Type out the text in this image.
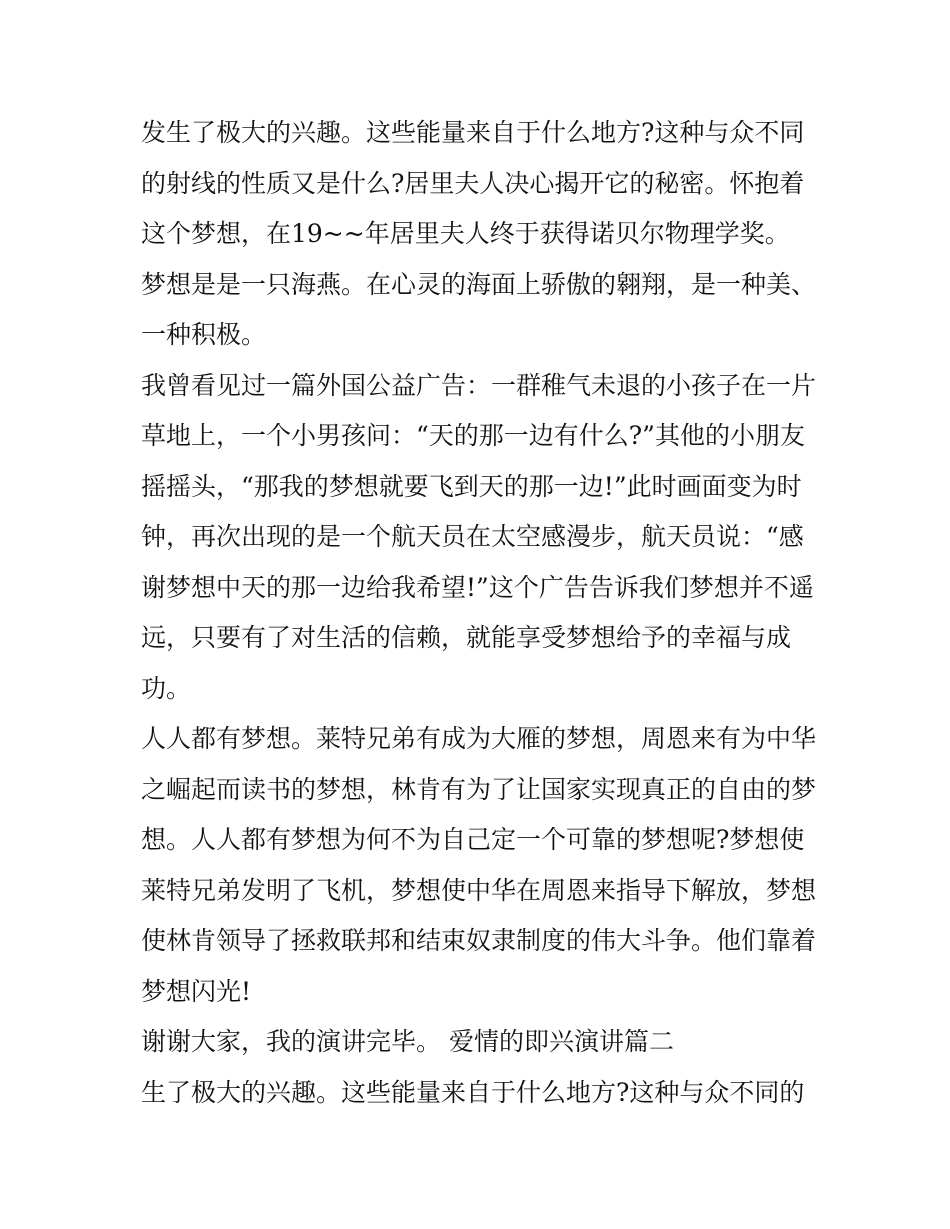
发生了极大的兴趣。这些能量来自于什么地方?这种与众不同
的射线的性质又是什么?居里夫人决心揭开它的秘密。怀抱着
这个梦想，在19~~年居里夫人终于获得诺贝尔物理学奖。
梦想是是一只海燕。在心灵的海面上骄傲的翱翔，是一种美、
一种积极。
我曾看见过一篇外国公益广告：一群稚气未退的小孩子在一片
草地上，一个小男孩问：“天的那一边有什么?”其他的小朋友
摇摇头，“那我的梦想就要飞到天的那一边!”此时画面变为时
钟，再次出现的是一个航天员在太空感漫步，航天员说：“感
谢梦想中天的那一边给我希望!”这个广告告诉我们梦想并不遥
远，只要有了对生活的信赖，就能享受梦想给予的幸福与成
功。
人人都有梦想。莱特兄弟有成为大雁的梦想，周恩来有为中华
之崛起而读书的梦想，林肯有为了让国家实现真正的自由的梦
想。人人都有梦想为何不为自己定一个可靠的梦想呢?梦想使
莱特兄弟发明了飞机，梦想使中华在周恩来指导下解放，梦想
使林肯领导了拯救联邦和结束奴隶制度的伟大斗争。他们靠着
梦想闪光!
谢谢大家，我的演讲完毕。 爱情的即兴演讲篇二
生了极大的兴趣。这些能量来自于什么地方?这种与众不同的
